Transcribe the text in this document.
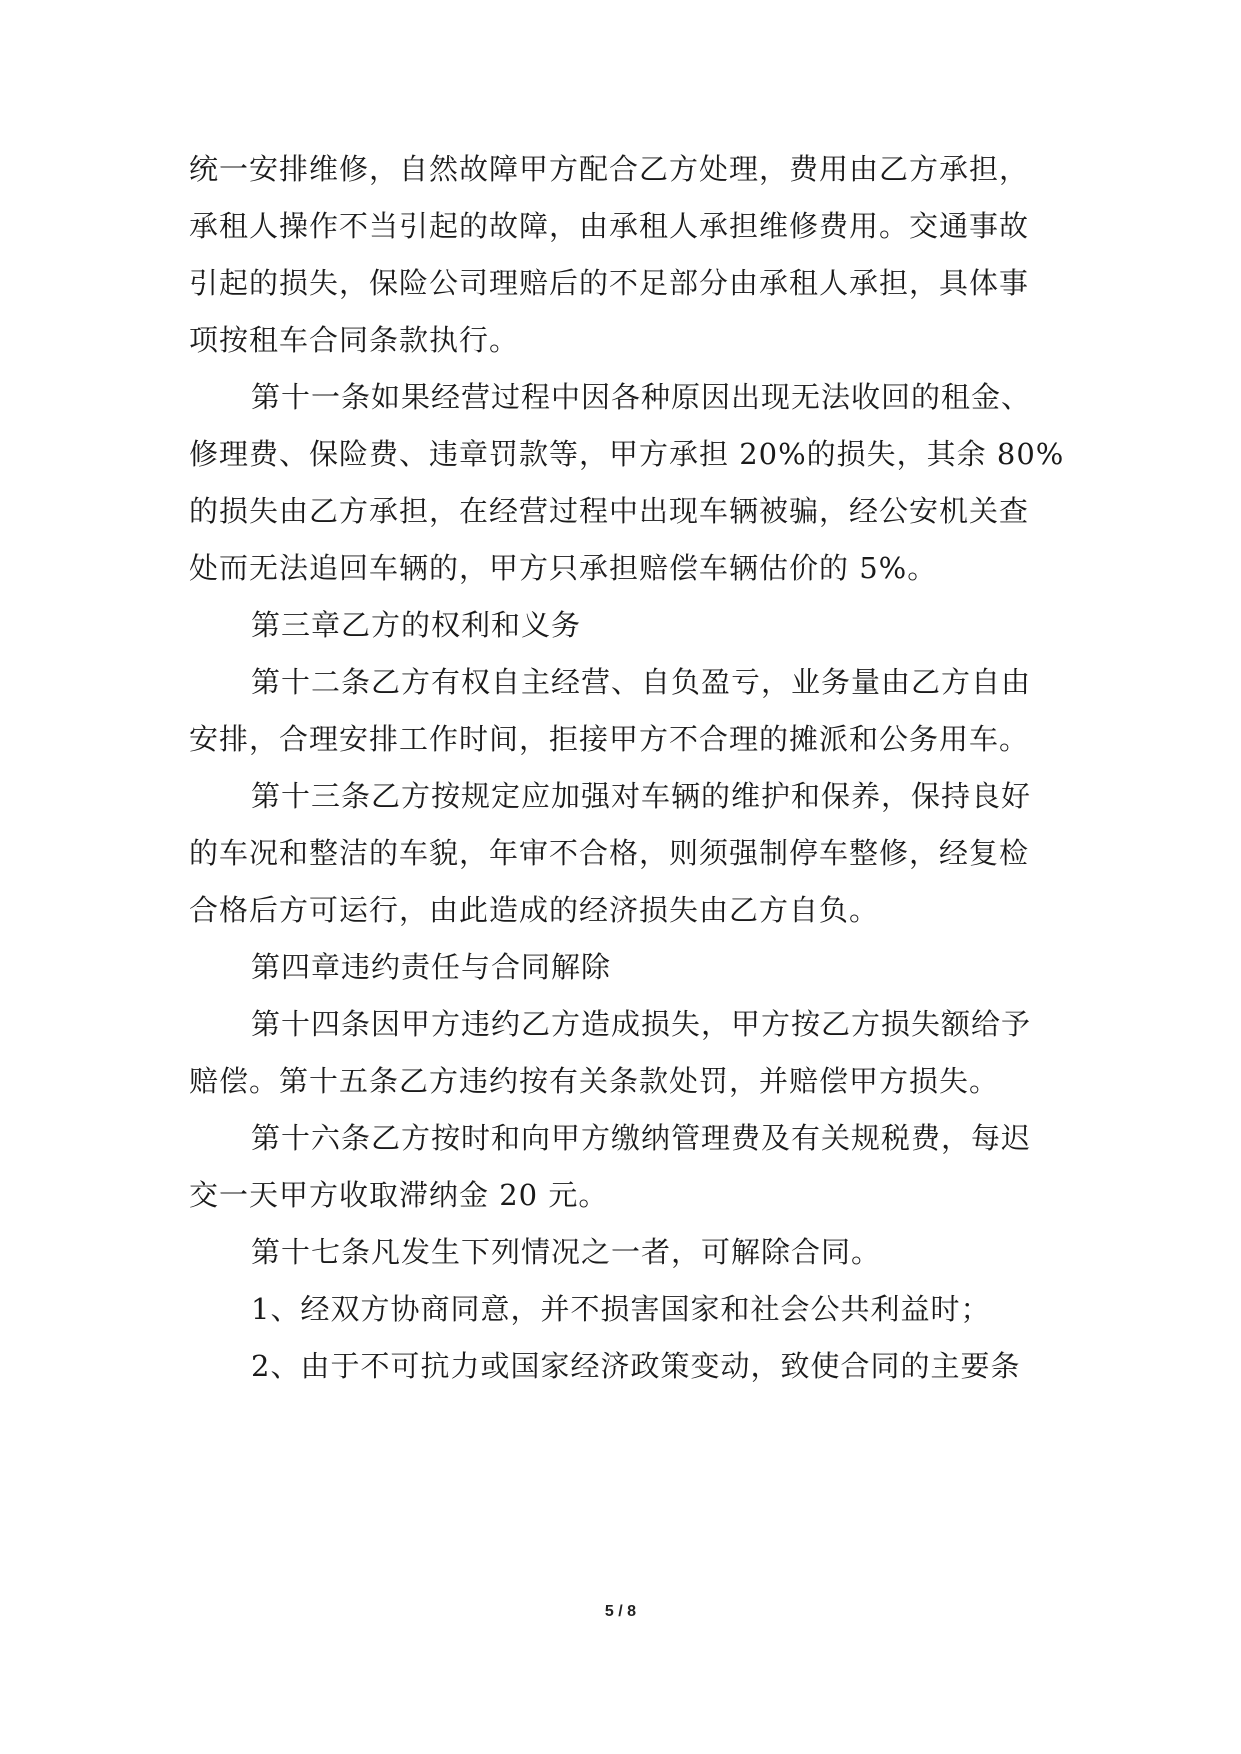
统一安排维修，自然故障甲方配合乙方处理，费用由乙方承担，
承租人操作不当引起的故障，由承租人承担维修费用。交通事故
引起的损失，保险公司理赔后的不足部分由承租人承担，具体事
项按租车合同条款执行。
第十一条如果经营过程中因各种原因出现无法收回的租金、
修理费、保险费、违章罚款等，甲方承担 20%的损失，其余 80%
的损失由乙方承担，在经营过程中出现车辆被骗，经公安机关查
处而无法追回车辆的，甲方只承担赔偿车辆估价的 5%。
第三章乙方的权利和义务
第十二条乙方有权自主经营、自负盈亏，业务量由乙方自由
安排，合理安排工作时间，拒接甲方不合理的摊派和公务用车。
第十三条乙方按规定应加强对车辆的维护和保养，保持良好
的车况和整洁的车貌，年审不合格，则须强制停车整修，经复检
合格后方可运行，由此造成的经济损失由乙方自负。
第四章违约责任与合同解除
第十四条因甲方违约乙方造成损失，甲方按乙方损失额给予
赔偿。第十五条乙方违约按有关条款处罚，并赔偿甲方损失。
第十六条乙方按时和向甲方缴纳管理费及有关规税费，每迟
交一天甲方收取滞纳金 20 元。
第十七条凡发生下列情况之一者，可解除合同。
1、经双方协商同意，并不损害国家和社会公共利益时；
2、由于不可抗力或国家经济政策变动，致使合同的主要条
5 / 8
